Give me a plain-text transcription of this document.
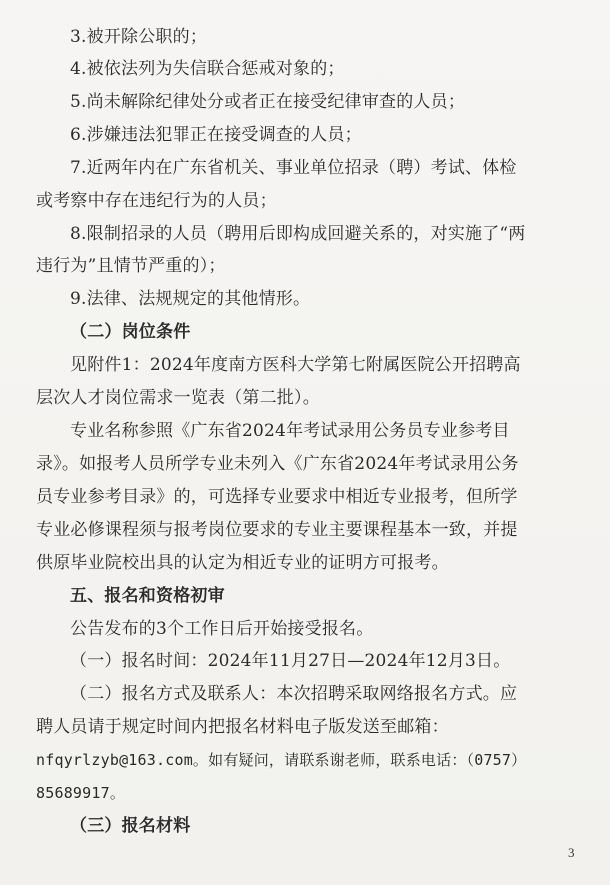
3.被开除公职的；
4.被依法列为失信联合惩戒对象的；
5.尚未解除纪律处分或者正在接受纪律审查的人员；
6.涉嫌违法犯罪正在接受调查的人员；
7.近两年内在广东省机关、事业单位招录（聘）考试、体检
或考察中存在违纪行为的人员；
8.限制招录的人员（聘用后即构成回避关系的，对实施了“两
违行为”且情节严重的）；
9.法律、法规规定的其他情形。
（二）岗位条件
见附件1：2024年度南方医科大学第七附属医院公开招聘高
层次人才岗位需求一览表（第二批）。
专业名称参照《广东省2024年考试录用公务员专业参考目
录》。如报考人员所学专业未列入《广东省2024年考试录用公务
员专业参考目录》的，可选择专业要求中相近专业报考，但所学
专业必修课程须与报考岗位要求的专业主要课程基本一致，并提
供原毕业院校出具的认定为相近专业的证明方可报考。
五、报名和资格初审
公告发布的3个工作日后开始接受报名。
（一）报名时间：2024年11月27日—2024年12月3日。
（二）报名方式及联系人：本次招聘采取网络报名方式。应
聘人员请于规定时间内把报名材料电子版发送至邮箱：
nfqyrlzyb@163.com。如有疑问，请联系谢老师，联系电话：（0757）
85689917。
（三）报名材料
3
